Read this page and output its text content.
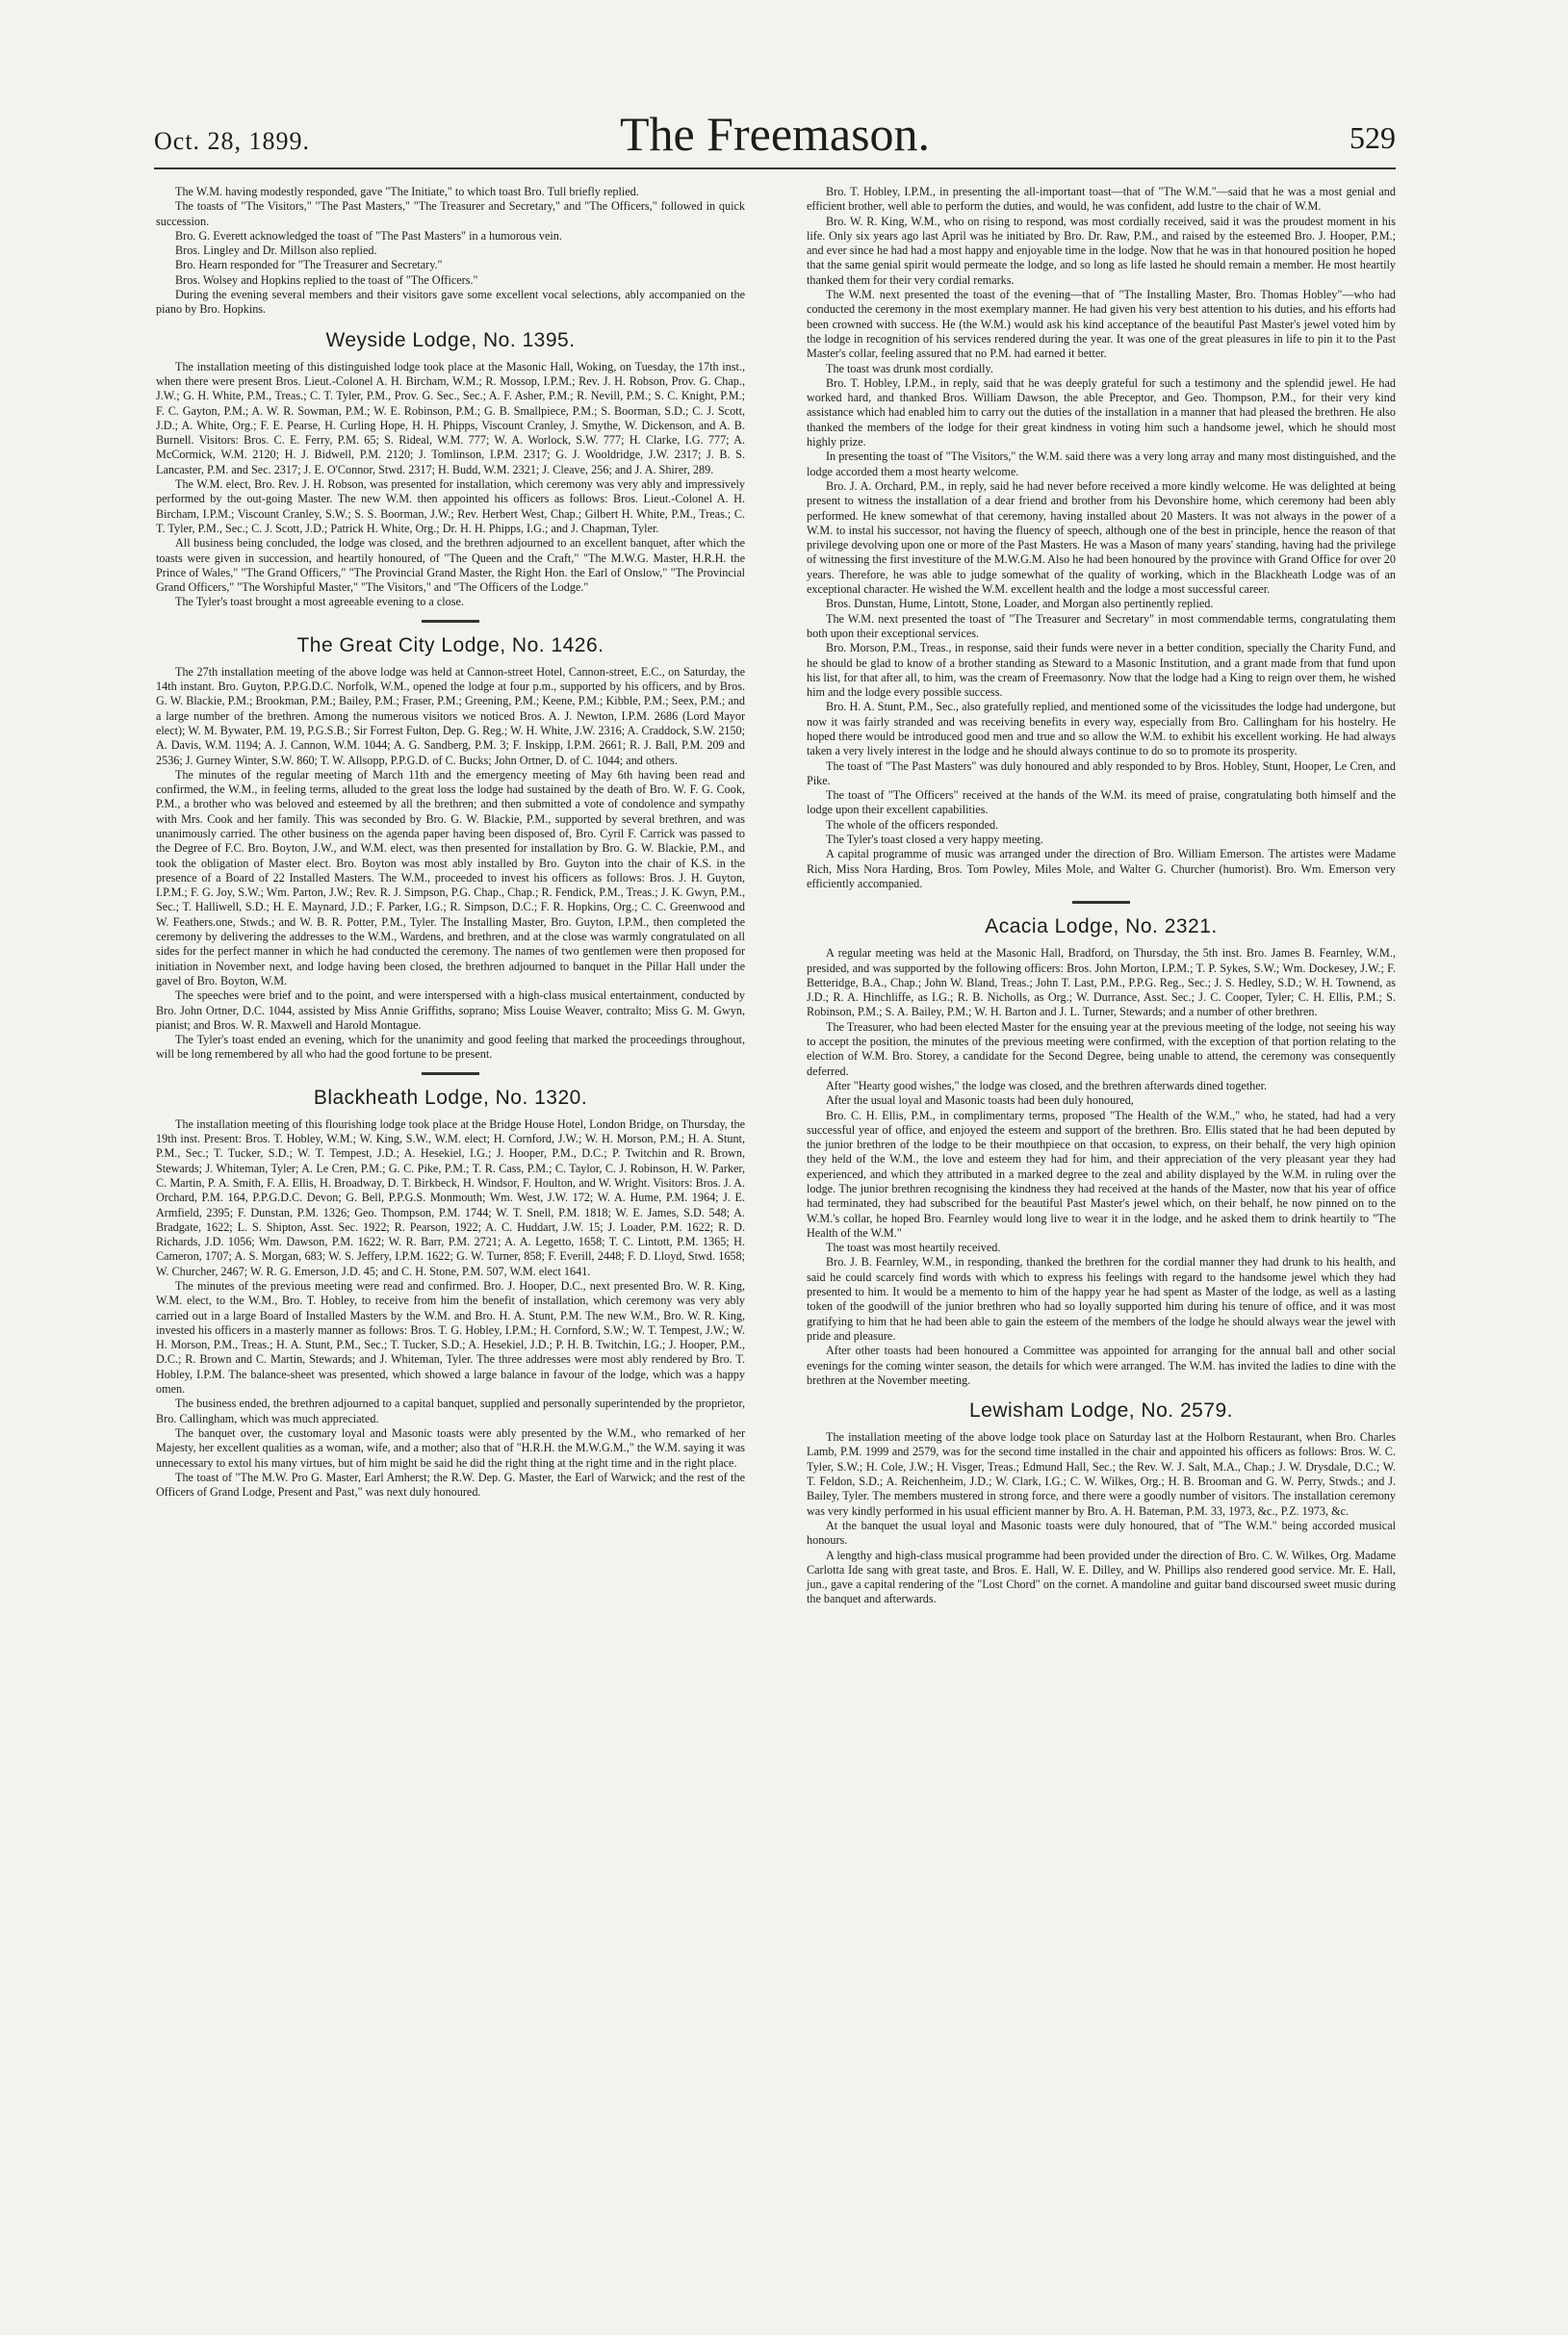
Oct. 28, 1899.	The Freemason.	529

The W.M. having modestly responded, gave "The Initiate," to which toast Bro. Tull briefly replied.

The toasts of "The Visitors," "The Past Masters," "The Treasurer and Secretary," and "The Officers," followed in quick succession.

Bro. G. Everett acknowledged the toast of "The Past Masters" in a humorous vein.

Bros. Lingley and Dr. Millson also replied.

Bro. Hearn responded for "The Treasurer and Secretary."

Bros. Wolsey and Hopkins replied to the toast of "The Officers."

During the evening several members and their visitors gave some excellent vocal selections, ably accompanied on the piano by Bro. Hopkins.

Weyside Lodge, No. 1395.

The installation meeting of this distinguished lodge took place at the Masonic Hall, Woking, on Tuesday, the 17th inst., when there were present Bros. Lieut.-Colonel A. H. Bircham, W.M.; R. Mossop, I.P.M.; Rev. J. H. Robson, Prov. G. Chap., J.W.; G. H. White, P.M., Treas.; C. T. Tyler, P.M., Prov. G. Sec., Sec.; A. F. Asher, P.M.; R. Nevill, P.M.; S. C. Knight, P.M.; F. C. Gayton, P.M.; A. W. R. Sowman, P.M.; W. E. Robinson, P.M.; G. B. Smallpiece, P.M.; S. Boorman, S.D.; C. J. Scott, J.D.; A. White, Org.; F. E. Pearse, H. Curling Hope, H. H. Phipps, Viscount Cranley, J. Smythe, W. Dickenson, and A. B. Burnell. Visitors: Bros. C. E. Ferry, P.M. 65; S. Rideal, W.M. 777; W. A. Worlock, S.W. 777; H. Clarke, I.G. 777; A. McCormick, W.M. 2120; H. J. Bidwell, P.M. 2120; J. Tomlinson, I.P.M. 2317; G. J. Wooldridge, J.W. 2317; J. B. S. Lancaster, P.M. and Sec. 2317; J. E. O'Connor, Stwd. 2317; H. Budd, W.M. 2321; J. Cleave, 256; and J. A. Shirer, 289.

The W.M. elect, Bro. Rev. J. H. Robson, was presented for installation, which ceremony was very ably and impressively performed by the out-going Master. The new W.M. then appointed his officers as follows: Bros. Lieut.-Colonel A. H. Bircham, I.P.M.; Viscount Cranley, S.W.; S. S. Boorman, J.W.; Rev. Herbert West, Chap.; Gilbert H. White, P.M., Treas.; C. T. Tyler, P.M., Sec.; C. J. Scott, J.D.; Patrick H. White, Org.; Dr. H. H. Phipps, I.G.; and J. Chapman, Tyler.

All business being concluded, the lodge was closed, and the brethren adjourned to an excellent banquet, after which the toasts were given in succession, and heartily honoured, of "The Queen and the Craft," "The M.W.G. Master, H.R.H. the Prince of Wales," "The Grand Officers," "The Provincial Grand Master, the Right Hon. the Earl of Onslow," "The Provincial Grand Officers," "The Worshipful Master," "The Visitors," and "The Officers of the Lodge."

The Tyler's toast brought a most agreeable evening to a close.

The Great City Lodge, No. 1426.

The 27th installation meeting of the above lodge was held at Cannon-street Hotel, Cannon-street, E.C., on Saturday, the 14th instant. Bro. Guyton, P.P.G.D.C. Norfolk, W.M., opened the lodge at four p.m., supported by his officers, and by Bros. G. W. Blackie, P.M.; Brookman, P.M.; Bailey, P.M.; Fraser, P.M.; Greening, P.M.; Keene, P.M.; Kibble, P.M.; Seex, P.M.; and a large number of the brethren. Among the numerous visitors we noticed Bros. A. J. Newton, I.P.M. 2686 (Lord Mayor elect); W. M. Bywater, P.M. 19, P.G.S.B.; Sir Forrest Fulton, Dep. G. Reg.; W. H. White, J.W. 2316; A. Craddock, S.W. 2150; A. Davis, W.M. 1194; A. J. Cannon, W.M. 1044; A. G. Sandberg, P.M. 3; F. Inskipp, I.P.M. 2661; R. J. Ball, P.M. 209 and 2536; J. Gurney Winter, S.W. 860; T. W. Allsopp, P.P.G.D. of C. Bucks; John Ortner, D. of C. 1044; and others.

The minutes of the regular meeting of March 11th and the emergency meeting of May 6th having been read and confirmed, the W.M., in feeling terms, alluded to the great loss the lodge had sustained by the death of Bro. W. F. G. Cook, P.M., a brother who was beloved and esteemed by all the brethren; and then submitted a vote of condolence and sympathy with Mrs. Cook and her family. This was seconded by Bro. G. W. Blackie, P.M., supported by several brethren, and was unanimously carried. The other business on the agenda paper having been disposed of, Bro. Cyril F. Carrick was passed to the Degree of F.C. Bro. Boyton, J.W., and W.M. elect, was then presented for installation by Bro. G. W. Blackie, P.M., and took the obligation of Master elect. Bro. Boyton was most ably installed by Bro. Guyton into the chair of K.S. in the presence of a Board of 22 Installed Masters. The W.M., proceeded to invest his officers as follows: Bros. J. H. Guyton, I.P.M.; F. G. Joy, S.W.; Wm. Parton, J.W.; Rev. R. J. Simpson, P.G. Chap., Chap.; R. Fendick, P.M., Treas.; J. K. Gwyn, P.M., Sec.; T. Halliwell, S.D.; H. E. Maynard, J.D.; F. Parker, I.G.; R. Simpson, D.C.; F. R. Hopkins, Org.; C. C. Greenwood and W. Feathers.one, Stwds.; and W. B. R. Potter, P.M., Tyler. The Installing Master, Bro. Guyton, I.P.M., then completed the ceremony by delivering the addresses to the W.M., Wardens, and brethren, and at the close was warmly congratulated on all sides for the perfect manner in which he had conducted the ceremony. The names of two gentlemen were then proposed for initiation in November next, and lodge having been closed, the brethren adjourned to banquet in the Pillar Hall under the gavel of Bro. Boyton, W.M.

The speeches were brief and to the point, and were interspersed with a high-class musical entertainment, conducted by Bro. John Ortner, D.C. 1044, assisted by Miss Annie Griffiths, soprano; Miss Louise Weaver, contralto; Miss G. M. Gwyn, pianist; and Bros. W. R. Maxwell and Harold Montague.

The Tyler's toast ended an evening, which for the unanimity and good feeling that marked the proceedings throughout, will be long remembered by all who had the good fortune to be present.

Blackheath Lodge, No. 1320.

The installation meeting of this flourishing lodge took place at the Bridge House Hotel, London Bridge, on Thursday, the 19th inst. Present: Bros. T. Hobley, W.M.; W. King, S.W., W.M. elect; H. Cornford, J.W.; W. H. Morson, P.M.; H. A. Stunt, P.M., Sec.; T. Tucker, S.D.; W. T. Tempest, J.D.; A. Hesekiel, I.G.; J. Hooper, P.M., D.C.; P. Twitchin and R. Brown, Stewards; J. Whiteman, Tyler; A. Le Cren, P.M.; G. C. Pike, P.M.; T. R. Cass, P.M.; C. Taylor, C. J. Robinson, H. W. Parker, C. Martin, P. A. Smith, F. A. Ellis, H. Broadway, D. T. Birkbeck, H. Windsor, F. Houlton, and W. Wright. Visitors: Bros. J. A. Orchard, P.M. 164, P.P.G.D.C. Devon; G. Bell, P.P.G.S. Monmouth; Wm. West, J.W. 172; W. A. Hume, P.M. 1964; J. E. Armfield, 2395; F. Dunstan, P.M. 1326; Geo. Thompson, P.M. 1744; W. T. Snell, P.M. 1818; W. E. James, S.D. 548; A. Bradgate, 1622; L. S. Shipton, Asst. Sec. 1922; R. Pearson, 1922; A. C. Huddart, J.W. 15; J. Loader, P.M. 1622; R. D. Richards, J.D. 1056; Wm. Dawson, P.M. 1622; W. R. Barr, P.M. 2721; A. A. Legetto, 1658; T. C. Lintott, P.M. 1365; H. Cameron, 1707; A. S. Morgan, 683; W. S. Jeffery, I.P.M. 1622; G. W. Turner, 858; F. Everill, 2448; F. D. Lloyd, Stwd. 1658; W. Churcher, 2467; W. R. G. Emerson, J.D. 45; and C. H. Stone, P.M. 507, W.M. elect 1641.

The minutes of the previous meeting were read and confirmed. Bro. J. Hooper, D.C., next presented Bro. W. R. King, W.M. elect, to the W.M., Bro. T. Hobley, to receive from him the benefit of installation, which ceremony was very ably carried out in a large Board of Installed Masters by the W.M. and Bro. H. A. Stunt, P.M. The new W.M., Bro. W. R. King, invested his officers in a masterly manner as follows: Bros. T. G. Hobley, I.P.M.; H. Cornford, S.W.; W. T. Tempest, J.W.; W. H. Morson, P.M., Treas.; H. A. Stunt, P.M., Sec.; T. Tucker, S.D.; A. Hesekiel, J.D.; P. H. B. Twitchin, I.G.; J. Hooper, P.M., D.C.; R. Brown and C. Martin, Stewards; and J. Whiteman, Tyler. The three addresses were most ably rendered by Bro. T. Hobley, I.P.M. The balance-sheet was presented, which showed a large balance in favour of the lodge, which was a happy omen.

The business ended, the brethren adjourned to a capital banquet, supplied and personally superintended by the proprietor, Bro. Callingham, which was much appreciated.

The banquet over, the customary loyal and Masonic toasts were ably presented by the W.M., who remarked of her Majesty, her excellent qualities as a woman, wife, and a mother; also that of "H.R.H. the M.W.G.M.," the W.M. saying it was unnecessary to extol his many virtues, but of him might be said he did the right thing at the right time and in the right place.

The toast of "The M.W. Pro G. Master, Earl Amherst; the R.W. Dep. G. Master, the Earl of Warwick; and the rest of the Officers of Grand Lodge, Present and Past," was next duly honoured.

Bro. T. Hobley, I.P.M., in presenting the all-important toast—that of "The W.M."—said that he was a most genial and efficient brother, well able to perform the duties, and would, he was confident, add lustre to the chair of W.M.

Bro. W. R. King, W.M., who on rising to respond, was most cordially received, said it was the proudest moment in his life. Only six years ago last April was he initiated by Bro. Dr. Raw, P.M., and raised by the esteemed Bro. J. Hooper, P.M.; and ever since he had had a most happy and enjoyable time in the lodge. Now that he was in that honoured position he hoped that the same genial spirit would permeate the lodge, and so long as life lasted he should remain a member. He most heartily thanked them for their very cordial remarks.

The W.M. next presented the toast of the evening—that of "The Installing Master, Bro. Thomas Hobley"—who had conducted the ceremony in the most exemplary manner. He had given his very best attention to his duties, and his efforts had been crowned with success. He (the W.M.) would ask his kind acceptance of the beautiful Past Master's jewel voted him by the lodge in recognition of his services rendered during the year. It was one of the great pleasures in life to pin it to the Past Master's collar, feeling assured that no P.M. had earned it better.

The toast was drunk most cordially.

Bro. T. Hobley, I.P.M., in reply, said that he was deeply grateful for such a testimony and the splendid jewel. He had worked hard, and thanked Bros. William Dawson, the able Preceptor, and Geo. Thompson, P.M., for their very kind assistance which had enabled him to carry out the duties of the installation in a manner that had pleased the brethren. He also thanked the members of the lodge for their great kindness in voting him such a handsome jewel, which he should most highly prize.

In presenting the toast of "The Visitors," the W.M. said there was a very long array and many most distinguished, and the lodge accorded them a most hearty welcome.

Bro. J. A. Orchard, P.M., in reply, said he had never before received a more kindly welcome. He was delighted at being present to witness the installation of a dear friend and brother from his Devonshire home, which ceremony had been ably performed. He knew somewhat of that ceremony, having installed about 20 Masters. It was not always in the power of a W.M. to instal his successor, not having the fluency of speech, although one of the best in principle, hence the reason of that privilege devolving upon one or more of the Past Masters. He was a Mason of many years' standing, having had the privilege of witnessing the first investiture of the M.W.G.M. Also he had been honoured by the province with Grand Office for over 20 years. Therefore, he was able to judge somewhat of the quality of working, which in the Blackheath Lodge was of an exceptional character. He wished the W.M. excellent health and the lodge a most successful career.

Bros. Dunstan, Hume, Lintott, Stone, Loader, and Morgan also pertinently replied.

The W.M. next presented the toast of "The Treasurer and Secretary" in most commendable terms, congratulating them both upon their exceptional services.

Bro. Morson, P.M., Treas., in response, said their funds were never in a better condition, specially the Charity Fund, and he should be glad to know of a brother standing as Steward to a Masonic Institution, and a grant made from that fund upon his list, for that after all, to him, was the cream of Freemasonry. Now that the lodge had a King to reign over them, he wished him and the lodge every possible success.

Bro. H. A. Stunt, P.M., Sec., also gratefully replied, and mentioned some of the vicissitudes the lodge had undergone, but now it was fairly stranded and was receiving benefits in every way, especially from Bro. Callingham for his hostelry. He hoped there would be introduced good men and true and so allow the W.M. to exhibit his excellent working. He had always taken a very lively interest in the lodge and he should always continue to do so to promote its prosperity.

The toast of "The Past Masters" was duly honoured and ably responded to by Bros. Hobley, Stunt, Hooper, Le Cren, and Pike.

The toast of "The Officers" received at the hands of the W.M. its meed of praise, congratulating both himself and the lodge upon their excellent capabilities.

The whole of the officers responded.

The Tyler's toast closed a very happy meeting.

A capital programme of music was arranged under the direction of Bro. William Emerson. The artistes were Madame Rich, Miss Nora Harding, Bros. Tom Powley, Miles Mole, and Walter G. Churcher (humorist). Bro. Wm. Emerson very efficiently accompanied.

Acacia Lodge, No. 2321.

A regular meeting was held at the Masonic Hall, Bradford, on Thursday, the 5th inst. Bro. James B. Fearnley, W.M., presided, and was supported by the following officers: Bros. John Morton, I.P.M.; T. P. Sykes, S.W.; Wm. Dockesey, J.W.; F. Betteridge, B.A., Chap.; John W. Bland, Treas.; John T. Last, P.M., P.P.G. Reg., Sec.; J. S. Hedley, S.D.; W. H. Townend, as J.D.; R. A. Hinchliffe, as I.G.; R. B. Nicholls, as Org.; W. Durrance, Asst. Sec.; J. C. Cooper, Tyler; C. H. Ellis, P.M.; S. Robinson, P.M.; S. A. Bailey, P.M.; W. H. Barton and J. L. Turner, Stewards; and a number of other brethren.

The Treasurer, who had been elected Master for the ensuing year at the previous meeting of the lodge, not seeing his way to accept the position, the minutes of the previous meeting were confirmed, with the exception of that portion relating to the election of W.M. Bro. Storey, a candidate for the Second Degree, being unable to attend, the ceremony was consequently deferred.

After "Hearty good wishes," the lodge was closed, and the brethren afterwards dined together.

After the usual loyal and Masonic toasts had been duly honoured,

Bro. C. H. Ellis, P.M., in complimentary terms, proposed "The Health of the W.M.," who, he stated, had had a very successful year of office, and enjoyed the esteem and support of the brethren. Bro. Ellis stated that he had been deputed by the junior brethren of the lodge to be their mouthpiece on that occasion, to express, on their behalf, the very high opinion they held of the W.M., the love and esteem they had for him, and their appreciation of the very pleasant year they had experienced, and which they attributed in a marked degree to the zeal and ability displayed by the W.M. in ruling over the lodge. The junior brethren recognising the kindness they had received at the hands of the Master, now that his year of office had terminated, they had subscribed for the beautiful Past Master's jewel which, on their behalf, he now pinned on to the W.M.'s collar, he hoped Bro. Fearnley would long live to wear it in the lodge, and he asked them to drink heartily to "The Health of the W.M."

The toast was most heartily received.

Bro. J. B. Fearnley, W.M., in responding, thanked the brethren for the cordial manner they had drunk to his health, and said he could scarcely find words with which to express his feelings with regard to the handsome jewel which they had presented to him. It would be a memento to him of the happy year he had spent as Master of the lodge, as well as a lasting token of the goodwill of the junior brethren who had so loyally supported him during his tenure of office, and it was most gratifying to him that he had been able to gain the esteem of the members of the lodge he should always wear the jewel with pride and pleasure.

After other toasts had been honoured a Committee was appointed for arranging for the annual ball and other social evenings for the coming winter season, the details for which were arranged. The W.M. has invited the ladies to dine with the brethren at the November meeting.

Lewisham Lodge, No. 2579.

The installation meeting of the above lodge took place on Saturday last at the Holborn Restaurant, when Bro. Charles Lamb, P.M. 1999 and 2579, was for the second time installed in the chair and appointed his officers as follows: Bros. W. C. Tyler, S.W.; H. Cole, J.W.; H. Visger, Treas.; Edmund Hall, Sec.; the Rev. W. J. Salt, M.A., Chap.; J. W. Drysdale, D.C.; W. T. Feldon, S.D.; A. Reichenheim, J.D.; W. Clark, I.G.; C. W. Wilkes, Org.; H. B. Brooman and G. W. Perry, Stwds.; and J. Bailey, Tyler. The members mustered in strong force, and there were a goodly number of visitors. The installation ceremony was very kindly performed in his usual efficient manner by Bro. A. H. Bateman, P.M. 33, 1973, &c., P.Z. 1973, &c.

At the banquet the usual loyal and Masonic toasts were duly honoured, that of "The W.M." being accorded musical honours.

A lengthy and high-class musical programme had been provided under the direction of Bro. C. W. Wilkes, Org. Madame Carlotta Ide sang with great taste, and Bros. E. Hall, W. E. Dilley, and W. Phillips also rendered good service. Mr. E. Hall, jun., gave a capital rendering of the "Lost Chord" on the cornet. A mandoline and guitar band discoursed sweet music during the banquet and afterwards.
